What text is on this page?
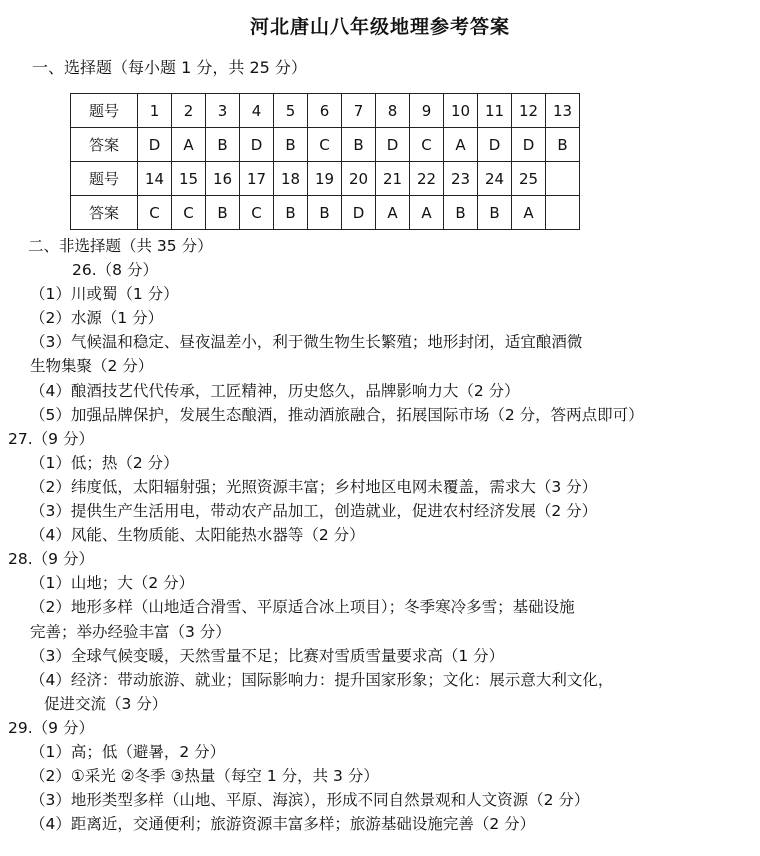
河北唐山八年级地理参考答案
一、选择题（每小题 1 分，共 25 分）
题号	1	2	3	4	5	6	7	8	9	10	11	12	13
答案	D	A	B	D	B	C	B	D	C	A	D	D	B
题号	14	15	16	17	18	19	20	21	22	23	24	25	
答案	C	C	B	C	B	B	D	A	A	B	B	A	
二、非选择题（共 35 分）
26.（8 分）
（1）川或蜀（1 分）
（2）水源（1 分）
（3）气候温和稳定、昼夜温差小，利于微生物生长繁殖；地形封闭，适宜酿酒微
生物集聚（2 分）
（4）酿酒技艺代代传承，工匠精神，历史悠久，品牌影响力大（2 分）
（5）加强品牌保护，发展生态酿酒，推动酒旅融合，拓展国际市场（2 分，答两点即可）
27.（9 分）
（1）低；热（2 分）
（2）纬度低，太阳辐射强；光照资源丰富；乡村地区电网未覆盖，需求大（3 分）
（3）提供生产生活用电，带动农产品加工，创造就业，促进农村经济发展（2 分）
（4）风能、生物质能、太阳能热水器等（2 分）
28.（9 分）
（1）山地；大（2 分）
（2）地形多样（山地适合滑雪、平原适合冰上项目）；冬季寒冷多雪；基础设施
完善；举办经验丰富（3 分）
（3）全球气候变暖，天然雪量不足；比赛对雪质雪量要求高（1 分）
（4）经济：带动旅游、就业；国际影响力：提升国家形象；文化：展示意大利文化，
促进交流（3 分）
29.（9 分）
（1）高；低（避暑，2 分）
（2）①采光 ②冬季 ③热量（每空 1 分，共 3 分）
（3）地形类型多样（山地、平原、海滨），形成不同自然景观和人文资源（2 分）
（4）距离近，交通便利；旅游资源丰富多样；旅游基础设施完善（2 分）
